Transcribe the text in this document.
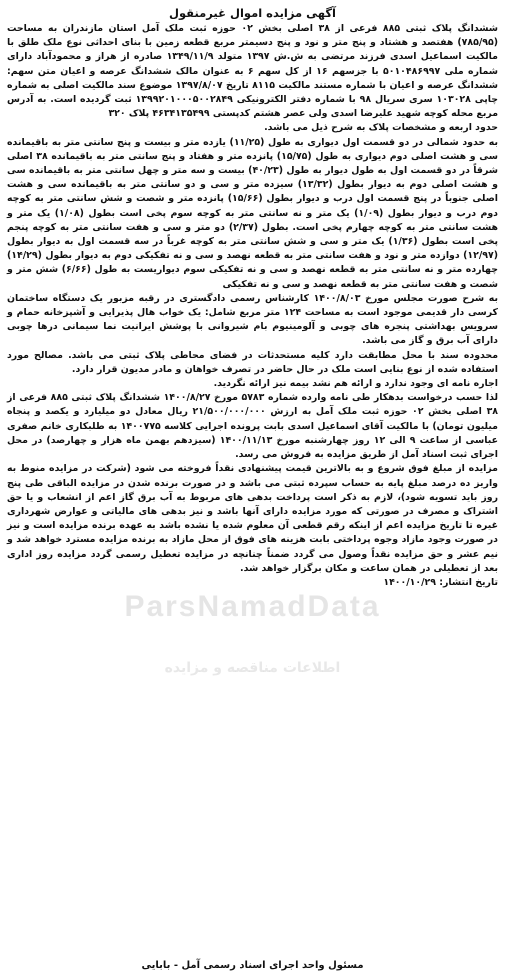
ParsNamadData
اطلاعات مناقصه و مزایده
آگهی مزایده اموال غیرمنقول

ششدانگ پلاک ثبتی ۸۸۵ فرعی از ۳۸ اصلی بخش ۰۲ حوزه ثبت ملک آمل استان مازندران به مساحت (۷۸۵/۹۵) هفتصد و هشتاد و پنج متر و نود و پنج دسیمتر مربع قطعه زمین با بنای احداثی نوع ملک طلق با مالکیت اسماعیل اسدی فرزند مرتضی به ش.ش ۱۳۹۷ متولد ۱۳۴۹/۱۱/۹ صادره از هراز و محمودآباد دارای شماره ملی ۵۰۱۰۴۸۶۹۹۷ با جزسهم ۱۶ از کل سهم ۶ به عنوان مالک ششدانگ عرصه و اعیان متن سهم: ششدانگ عرصه و اعیان با شماره مستند مالکیت ۸۱۱۵ تاریخ ۱۳۹۷/۸/۰۷ موضوع سند مالکیت اصلی به شماره چاپی ۱۰۳۰۲۸ سری سریال ۹۸ با شماره دفتر الکترونیکی ۱۳۹۹۲۰۱۰۰۰۵۰۰۲۸۴۹ ثبت گردیده است. به آدرس مربع محله کوچه شهید علیرضا اسدی ولی عصر هشتم کدپستی ۴۶۳۴۱۳۵۴۹۹ پلاک ۳۲۰

حدود اربعه و مشخصات پلاک به شرح ذیل می باشد.

به حدود شمالی در دو قسمت اول دیواری به طول (۱۱/۲۵) یازده متر و بیست و پنج سانتی متر به باقیمانده سی و هشت اصلی دوم دیواری به طول (۱۵/۷۵) پانزده متر و هفتاد و پنج سانتی متر به باقیمانده ۳۸ اصلی شرقاً در دو قسمت اول به طول دیوار به طول (۴۰/۲۳) بیست و سه متر و چهل سانتی متر به باقیمانده سی و هشت اصلی دوم به دیوار بطول (۱۳/۳۲) سیزده متر و سی و دو سانتی متر به باقیمانده سی و هشت اصلی جنوباً در پنج قسمت اول درب و دیوار بطول (۱۵/۶۶) پانزده متر و شصت و شش سانتی متر به کوچه دوم درب و دیوار بطول (۱/۰۹) یک متر و نه سانتی متر به کوچه سوم پخی است بطول (۱/۰۸) یک متر و هشت سانتی متر به کوچه چهارم پخی است. بطول (۲/۳۷) دو متر و سی و هفت سانتی متر به کوچه پنجم پخی است بطول (۱/۳۶) یک متر و سی و شش سانتی متر به کوچه غرباً در سه قسمت اول به دیوار بطول (۱۲/۹۷) دوازده متر و نود و هفت سانتی متر به قطعه نهصد و سی و نه تفکیکی دوم به دیوار بطول (۱۴/۲۹) چهارده متر و نه سانتی متر به قطعه نهصد و سی و نه تفکیکی سوم دیواریست به طول (۶/۶۶) شش متر و شصت و هفت سانتی متر به قطعه نهصد و سی و نه تفکیکی

به شرح صورت مجلس مورخ ۱۴۰۰/۸/۰۳ کارشناس رسمی دادگستری در رقبه مزبور یک دستگاه ساختمان کرسی دار قدیمی موجود است به مساحت ۱۲۴ متر مربع شامل: یک خواب هال پذیرایی و آشپزخانه حمام و سرویس بهداشتی پنجره های چوبی و آلومینیوم بام شیروانی با پوشش ایرانیت نما سیمانی درها چوبی دارای آب برق و گاز می باشد.

محدوده سند با محل مطابقت دارد کلیه مستحدثات در فضای محاطی پلاک ثبتی می باشد. مصالح مورد استفاده شده از نوع بنایی است ملک در حال حاضر در تصرف خواهان و مادر مدیون قرار دارد.

اجاره نامه ای وجود ندارد و ارائه هم نشد بیمه نیز ارائه نگردید.

لذا حسب درخواست بدهکار طی نامه وارده شماره ۵۷۸۳ مورخ ۱۴۰۰/۸/۲۷ ششدانگ پلاک ثبتی ۸۸۵ فرعی از ۳۸ اصلی بخش ۰۲ حوزه ثبت ملک آمل به ارزش ۲۱/۵۰۰/۰۰۰/۰۰۰ ریال معادل دو میلیارد و یکصد و پنجاه میلیون تومان) با مالکیت آقای اسماعیل اسدی بابت پرونده اجرایی کلاسه ۱۴۰۰۷۷۵ به طلبکاری خانم صفری عباسی از ساعت ۹ الی ۱۲ روز چهارشنبه مورخ ۱۴۰۰/۱۱/۱۳ (سیزدهم بهمن ماه هزار و چهارصد) در محل اجرای ثبت اسناد آمل از طریق مزایده به فروش می رسد.

مزایده از مبلغ فوق شروع و به بالاترین قیمت پیشنهادی نقداً فروخته می شود (شرکت در مزایده منوط به واریز ده درصد مبلغ پایه به حساب سپرده ثبتی می باشد و در صورت برنده شدن در مزایده الباقی طی پنج روز باید تسویه شود)، لازم به ذکر است پرداخت بدهی های مربوط به آب برق گاز اعم از انشعاب و یا حق اشتراک و مصرف در صورتی که مورد مزایده دارای آنها باشد و نیز بدهی های مالیاتی و عوارض شهرداری غیره تا تاریخ مزایده اعم از اینکه رقم قطعی آن معلوم شده یا نشده باشد به عهده برنده مزایده است و نیز در صورت وجود مازاد وجوه پرداختی بابت هزینه های فوق از محل مازاد به برنده مزایده مسترد خواهد شد و نیم عشر و حق مزایده نقداً وصول می گردد ضمناً چنانچه در مزایده تعطیل رسمی گردد مزایده روز اداری بعد از تعطیلی در همان ساعت و مکان برگزار خواهد شد.

تاریخ انتشار: ۱۴۰۰/۱۰/۲۹

مسئول واحد اجرای اسناد رسمی آمل - بابایی
